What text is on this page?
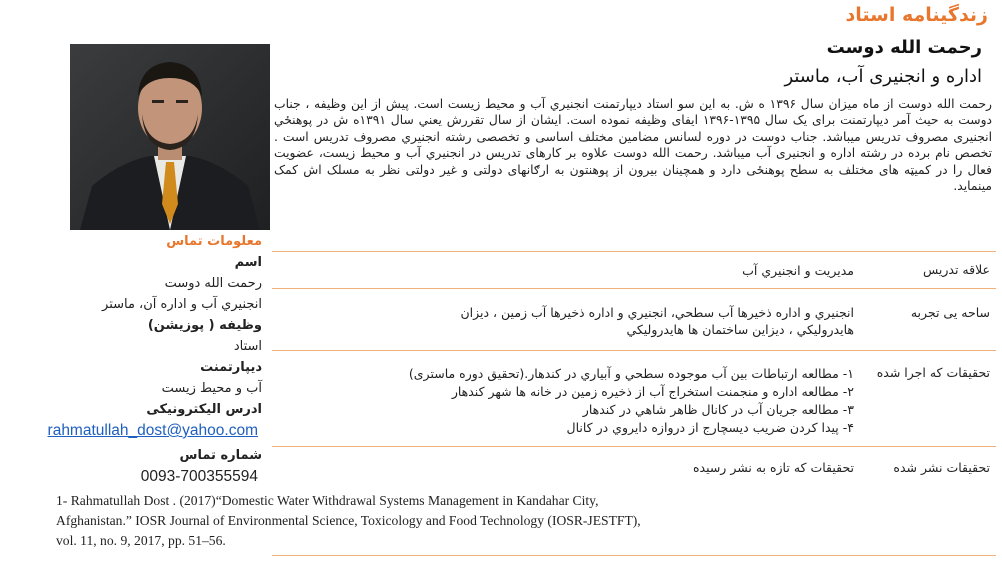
زندگینامه استاد
رحمت الله دوست
اداره و انجنیری آب، ماستر

رحمت الله دوست از ماه میزان سال ۱۳۹۶ ه ش. به این سو استاد دیپارتمنت انجنیري آب و محیط زیست است. پیش از این وظیفه ، جناب دوست به حیث آمر دیپارتمنت برای یک سال ۱۳۹۵-۱۳۹۶ ایفای وظیفه نموده است. ایشان از سال تقررش یعني سال ۱۳۹۱ه ش در پوهنځي انجنیری مصروف تدریس میباشد. جناب دوست در دوره لسانس مضامین مختلف اساسی و تخصصی رشته انجنیري مصروف تدریس است . تخصص نام برده در رشته اداره و انجنیری آب میباشد. رحمت الله دوست علاوه بر کارهای تدریس در انجنیري آب و محیط زیست، عضویت فعال را در کمیټه های مختلف به سطح پوهنځی دارد و همچینان بیرون از پوهنتون به ارګانهای دولتی و غیر دولتی نظر به مسلک اش کمک مینماید.

علاقه تدریس
مدیریت و انجنیري آب
ساحه يی تجربه
انجنیري و اداره ذخیرها آب سطحي، انجنیري و اداره ذخیرها آب زمین ، دیزان هایدرولیکي ، دیزاین ساختمان ها هایدرولیکي
تحقیقات که اجرا شده
۱- مطالعه ارتباطات بین آب موجوده سطحي و آبیاري در کندهار.(تحقیق دوره ماستری)
۲- مطالعه اداره و منجمنت استخراج آب از ذخیره زمین در خانه ها شهر کندهار
۳- مطالعه جریان آب در کانال ظاهر شاهي در کندهار
۴- پیدا کردن ضریب دیسچارج از دروازه دایروي در کانال
تحقیقات نشر شده
تحقیقات که تازه به نشر رسیده
1- Rahmatullah Dost . (2017)“Domestic Water Withdrawal Systems Management in Kandahar City, Afghanistan.” IOSR Journal of Environmental Science, Toxicology and Food Technology (IOSR-JESTFT), vol. 11, no. 9, 2017, pp. 51–56.
معلومات تماس
اسم
رحمت الله دوست
انجنیري آب و اداره آن، ماستر
وظیفه ( پوزیشن)
استاد
دیپارتمنت
آب و محیط زیست
ادرس الیکترونیکی
rahmatullah_dost@yahoo.com
شماره تماس
0093-700355594
